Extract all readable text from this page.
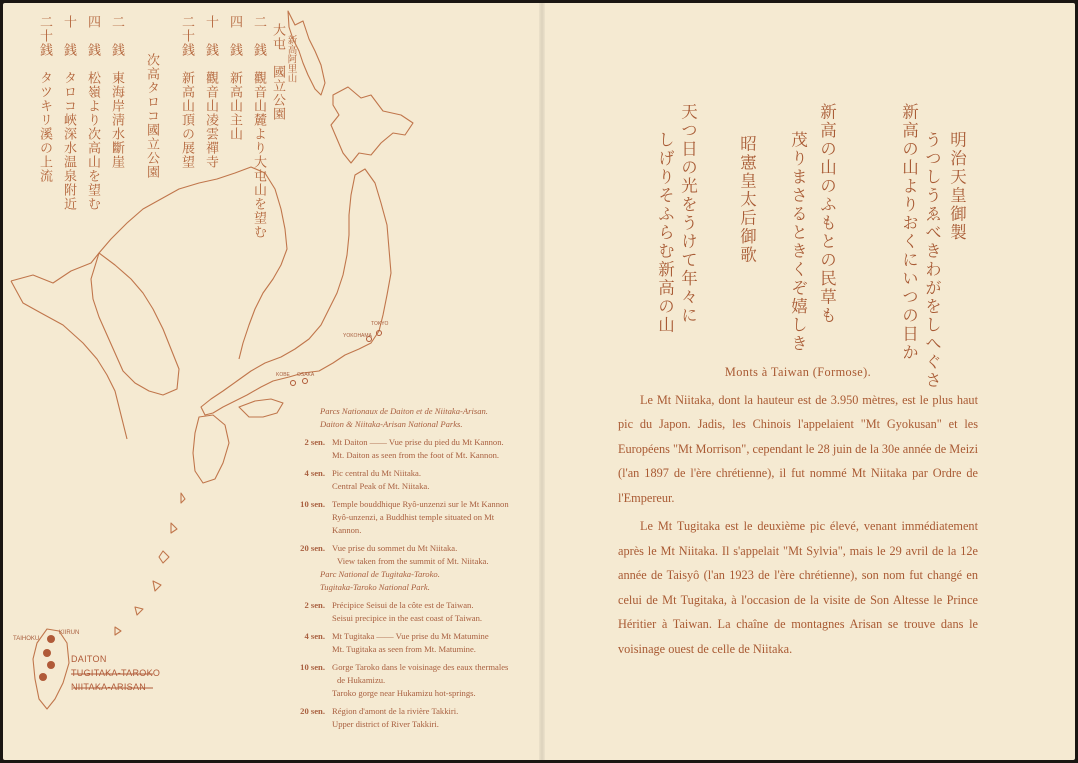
二　銭　觀音山麓より大屯山を望む 新高阿里山
大屯　國立公園
四　銭　新高山主山
十　銭　觀音山凌雲禪寺
二十銭　新高山頂の展望
次高タロコ國立公園
二　銭　東海岸淸水斷崖
四　銭　松嶺より次高山を望む
十　銭　タロコ峽深水温泉附近
二十銭　タツキリ溪の上流
TOKYO
YOKOHAMA
KOBE OSAKA
KIIRUN
TAIHOKU
DAITON
TUGITAKA-TAROKO
NIITAKA-ARISAN
Parcs Nationaux de Daiton et de Niitaka-Arisan.
Daiton & Niitaka-Arisan National Parks.
2 sen. Mt Daiton —— Vue prise du pied du Mt Kannon.
Mt. Daiton as seen from the foot of Mt. Kannon.
4 sen. Pic central du Mt Niitaka.
Central Peak of Mt. Niitaka.
10 sen. Temple bouddhique Ryô-unzenzi sur le Mt Kannon
Ryô-unzenzi, a Buddhist temple situated on Mt
Kannon.
20 sen. Vue prise du sommet du Mt Niitaka.
View taken from the summit of Mt. Niitaka.
Parc National de Tugitaka-Taroko.
Tugitaka-Taroko National Park.
2 sen. Précipice Seisui de la côte est de Taiwan.
Seisui precipice in the east coast of Taiwan.
4 sen. Mt Tugitaka —— Vue prise du Mt Matumine
Mt. Tugitaka as seen from Mt. Matumine.
10 sen. Gorge Taroko dans le voisinage des eaux thermales
de Hukamizu.
Taroko gorge near Hukamizu hot-springs.
20 sen. Région d'amont de la rivière Takkiri.
Upper district of River Takkiri.
明治天皇御製
うつしうゑべきわがをしへぐさ
新高の山よりおくにいつの日か
茂りまさるときくぞ嬉しき 新高の山のふもとの民草も
昭憲皇太后御歌
しげりそふらむ新高の山 天つ日の光をうけて年々に
Monts à Taiwan (Formose).
Le Mt Niitaka, dont la hauteur est de 3.950 mètres, est le plus haut pic du Japon. Jadis, les Chinois l'appelaient "Mt Gyokusan" et les Européens "Mt Morrison", cependant le 28 juin de la 30e année de Meizi (l'an 1897 de l'ère chrétienne), il fut nommé Mt Niitaka par Ordre de l'Empereur.
Le Mt Tugitaka est le deuxième pic élevé, venant immédiatement après le Mt Niitaka. Il s'appelait "Mt Sylvia", mais le 29 avril de la 12e année de Taisyô (l'an 1923 de l'ère chrétienne), son nom fut changé en celui de Mt Tugitaka, à l'occasion de la visite de Son Altesse le Prince Héritier à Taiwan. La chaîne de montagnes Arisan se trouve dans le voisinage ouest de celle de Niitaka.
